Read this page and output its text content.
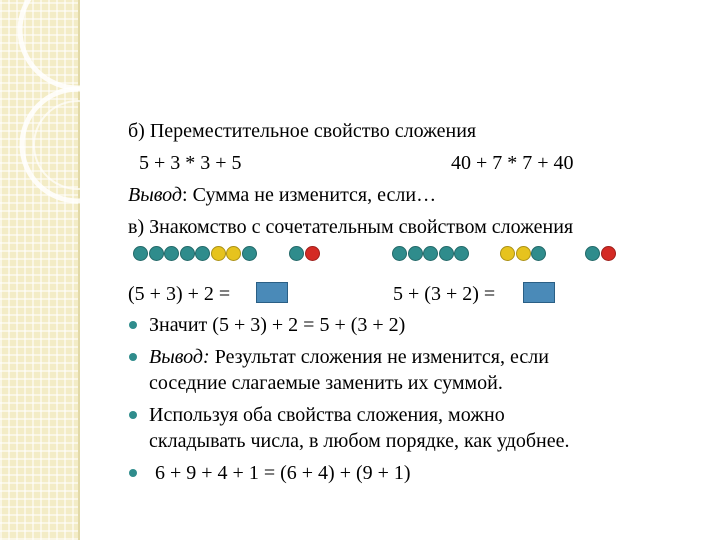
б) Переместительное свойство сложения
5 + 3 * 3 + 5	40 + 7 * 7 + 40
Вывод: Сумма не изменится, если…
в) Знакомство с сочетательным свойством сложения
(5 + 3) + 2 =	5 + (3 + 2) =
Значит (5 + 3) + 2 = 5 + (3 + 2)
Вывод: Результат сложения не изменится, если
соседние слагаемые заменить их суммой.
Используя оба свойства сложения, можно
складывать числа, в любом порядке, как удобнее.
6 + 9 + 4 + 1 = (6 + 4) + (9 + 1)
